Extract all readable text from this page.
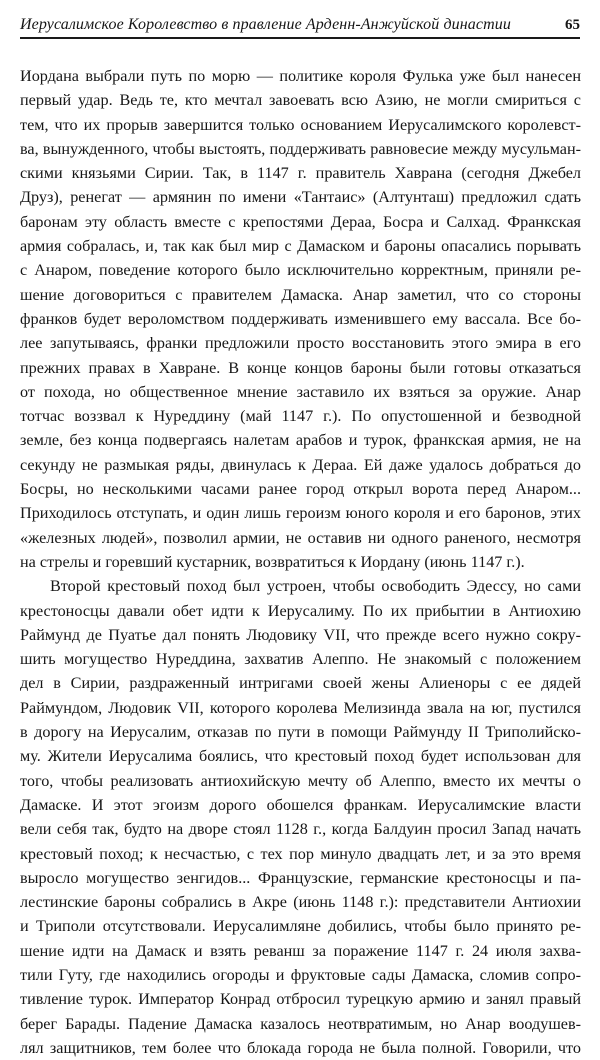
Иерусалимское Королевство в правление Арденн-Анжуйской династии	65
Иордана выбрали путь по морю — политике короля Фулька уже был нанесен
первый удар. Ведь те, кто мечтал завоевать всю Азию, не могли смириться с
тем, что их прорыв завершится только основанием Иерусалимского королевст-
ва, вынужденного, чтобы выстоять, поддерживать равновесие между мусульман-
скими князьями Сирии. Так, в 1147 г. правитель Хаврана (сегодня Джебел
Друз), ренегат — армянин по имени «Тантаис» (Алтунташ) предложил сдать
баронам эту область вместе с крепостями Дераа, Босра и Салхад. Франкская
армия собралась, и, так как был мир с Дамаском и бароны опасались порывать
с Анаром, поведение которого было исключительно корректным, приняли ре-
шение договориться с правителем Дамаска. Анар заметил, что со стороны
франков будет вероломством поддерживать изменившего ему вассала. Все бо-
лее запутываясь, франки предложили просто восстановить этого эмира в его
прежних правах в Хавране. В конце концов бароны были готовы отказаться
от похода, но общественное мнение заставило их взяться за оружие. Анар
тотчас воззвал к Нуреддину (май 1147 г.). По опустошенной и безводной
земле, без конца подвергаясь налетам арабов и турок, франкская армия, не на
секунду не размыкая ряды, двинулась к Дераа. Ей даже удалось добраться до
Босры, но несколькими часами ранее город открыл ворота перед Анаром...
Приходилось отступать, и один лишь героизм юного короля и его баронов, этих
«железных людей», позволил армии, не оставив ни одного раненого, несмотря
на стрелы и горевший кустарник, возвратиться к Иордану (июнь 1147 г.).
Второй крестовый поход был устроен, чтобы освободить Эдессу, но сами
крестоносцы давали обет идти к Иерусалиму. По их прибытии в Антиохию
Раймунд де Пуатье дал понять Людовику VII, что прежде всего нужно сокру-
шить могущество Нуреддина, захватив Алеппо. Не знакомый с положением
дел в Сирии, раздраженный интригами своей жены Алиеноры с ее дядей
Раймундом, Людовик VII, которого королева Мелизинда звала на юг, пустился
в дорогу на Иерусалим, отказав по пути в помощи Раймунду II Триполийско-
му. Жители Иерусалима боялись, что крестовый поход будет использован для
того, чтобы реализовать антиохийскую мечту об Алеппо, вместо их мечты о
Дамаске. И этот эгоизм дорого обошелся франкам. Иерусалимские власти
вели себя так, будто на дворе стоял 1128 г., когда Балдуин просил Запад начать
крестовый поход; к несчастью, с тех пор минуло двадцать лет, и за это время
выросло могущество зенгидов... Французские, германские крестоносцы и па-
лестинские бароны собрались в Акре (июнь 1148 г.): представители Антиохии
и Триполи отсутствовали. Иерусалимляне добились, чтобы было принято ре-
шение идти на Дамаск и взять реванш за поражение 1147 г. 24 июля захва-
тили Гуту, где находились огороды и фруктовые сады Дамаска, сломив сопро-
тивление турок. Император Конрад отбросил турецкую армию и занял правый
берег Барады. Падение Дамаска казалось неотвратимым, но Анар воодушев-
лял защитников, тем более что блокада города не была полной. Говорили, что
